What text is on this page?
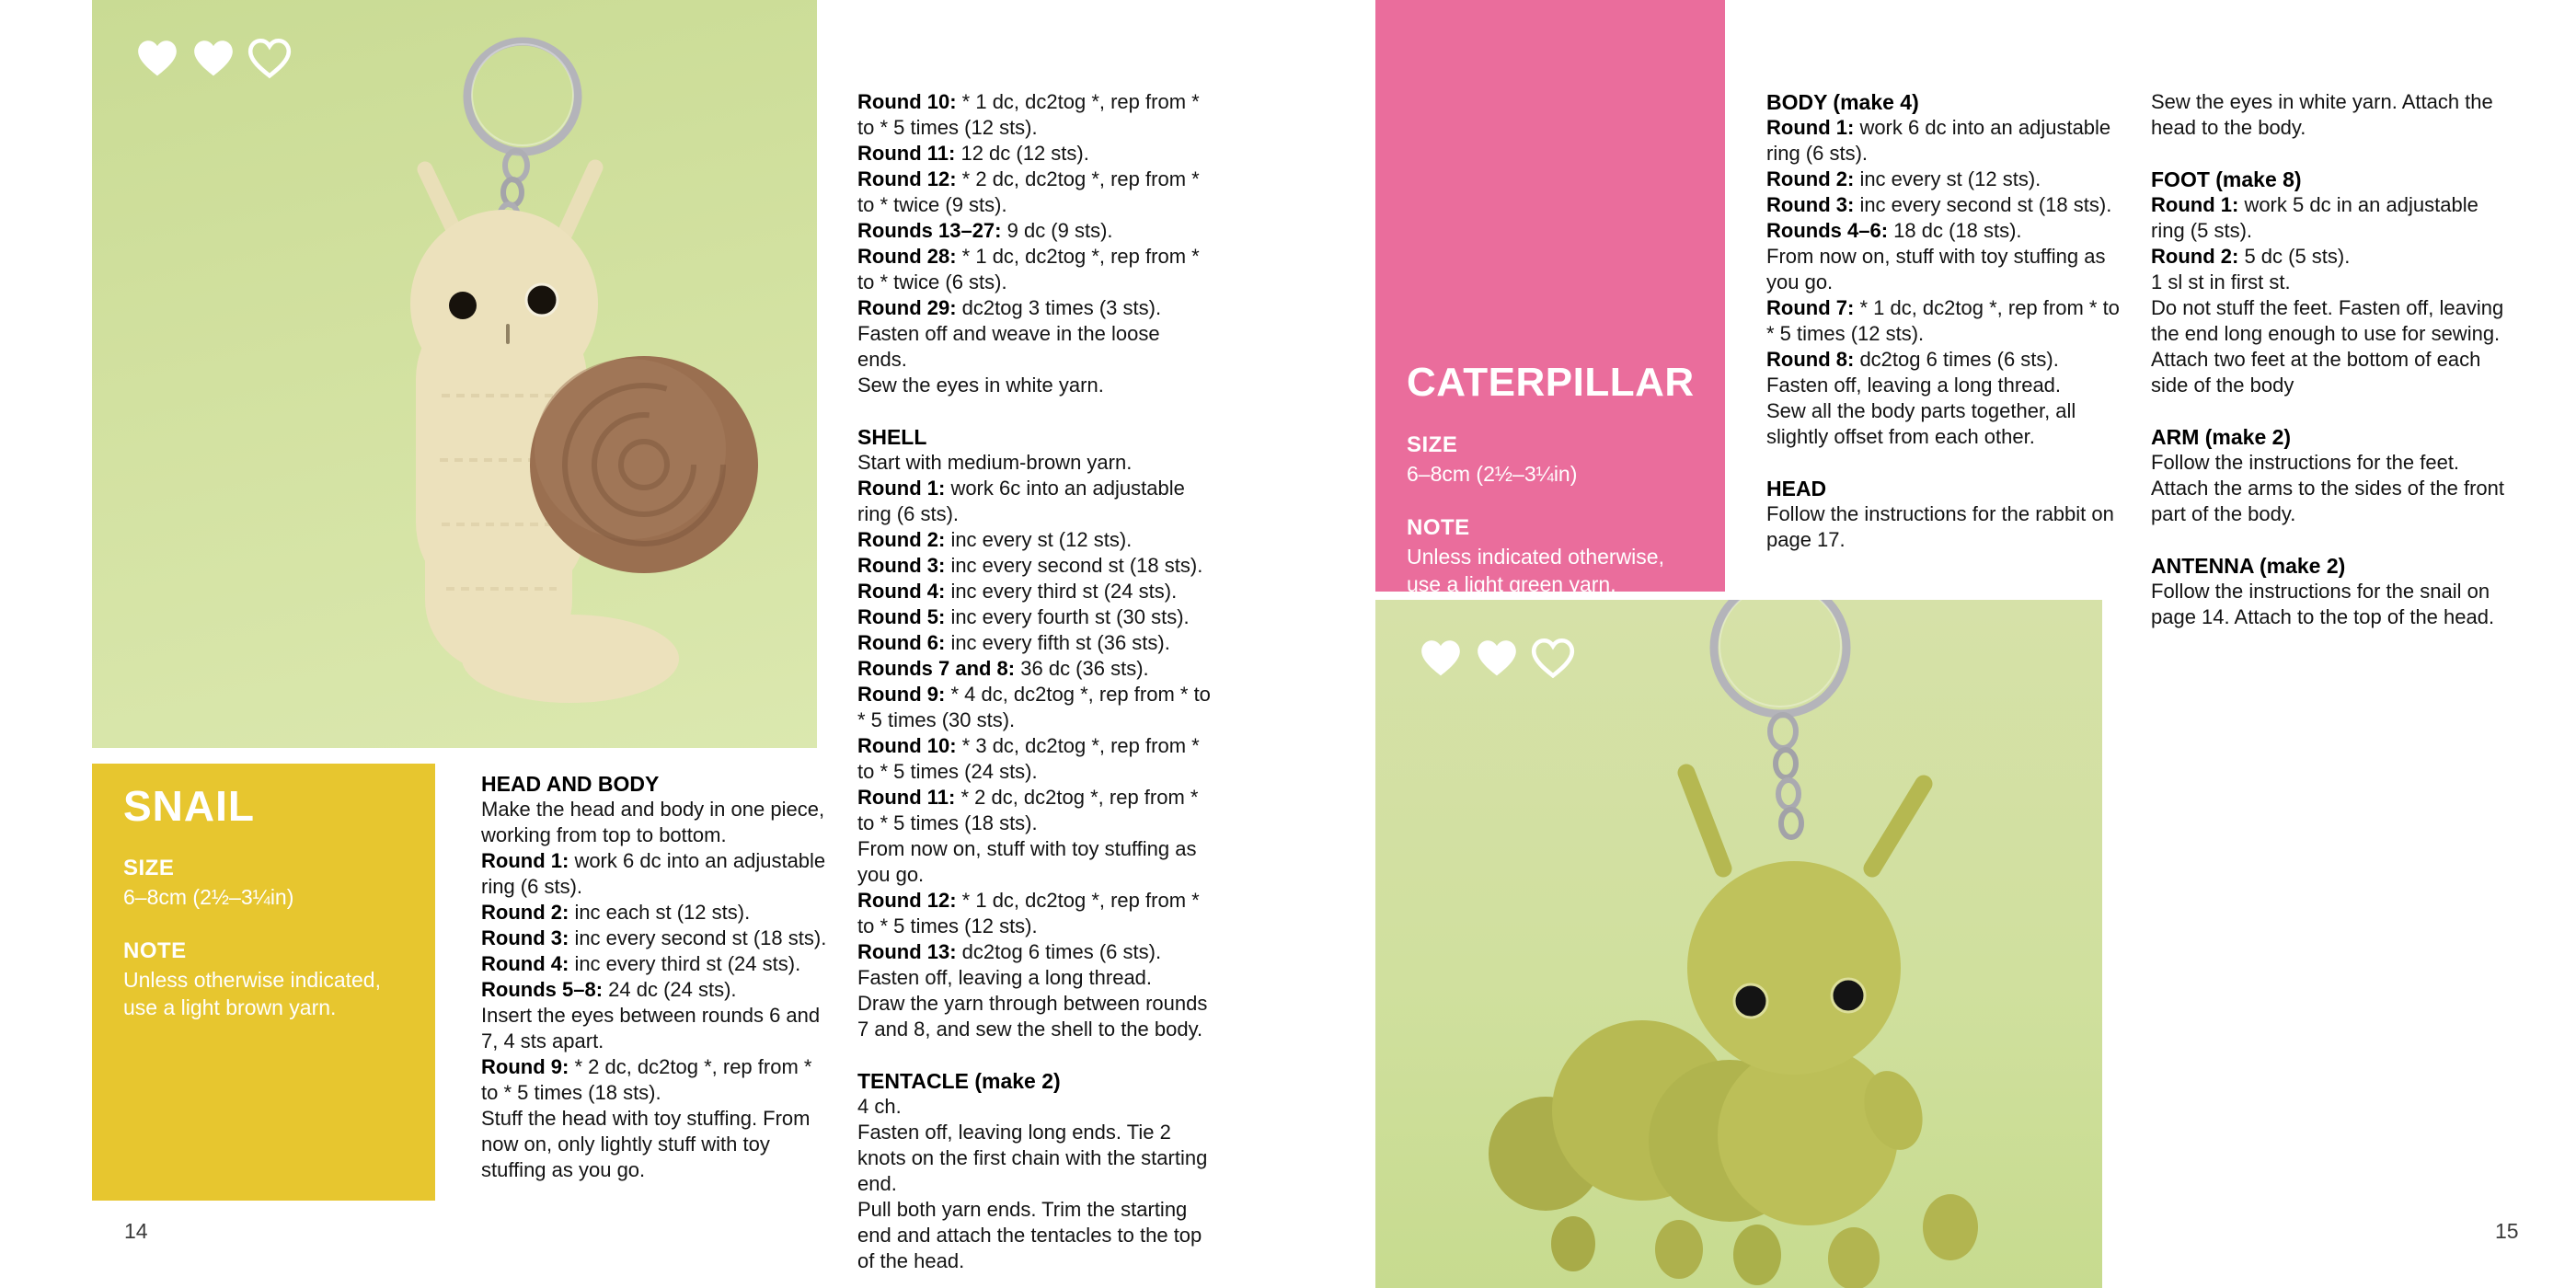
SNAIL
SIZE
6–8cm (2½–3¼in)
NOTE
Unless otherwise indicated, use a light brown yarn.
HEAD AND BODY

Make the head and body in one piece, working from top to bottom.

Round 1: work 6 dc into an adjustable ring (6 sts).

Round 2: inc each st (12 sts).

Round 3: inc every second st (18 sts).

Round 4: inc every third st (24 sts).

Rounds 5–8: 24 dc (24 sts).

Insert the eyes between rounds 6 and 7, 4 sts apart.

Round 9: * 2 dc, dc2tog *, rep from * to * 5 times (18 sts).

Stuff the head with toy stuffing. From now on, only lightly stuff with toy stuffing as you go.

Round 10: * 1 dc, dc2tog *, rep from * to * 5 times (12 sts).

Round 11: 12 dc (12 sts).

Round 12: * 2 dc, dc2tog *, rep from * to * twice (9 sts).

Rounds 13–27: 9 dc (9 sts).

Round 28: * 1 dc, dc2tog *, rep from * to * twice (6 sts).

Round 29: dc2tog 3 times (3 sts).

Fasten off and weave in the loose ends.

Sew the eyes in white yarn.

SHELL

Start with medium-brown yarn.

Round 1: work 6c into an adjustable ring (6 sts).

Round 2: inc every st (12 sts).

Round 3: inc every second st (18 sts).

Round 4: inc every third st (24 sts).

Round 5: inc every fourth st (30 sts).

Round 6: inc every fifth st (36 sts).

Rounds 7 and 8: 36 dc (36 sts).

Round 9: * 4 dc, dc2tog *, rep from * to * 5 times (30 sts).

Round 10: * 3 dc, dc2tog *, rep from * to * 5 times (24 sts).

Round 11: * 2 dc, dc2tog *, rep from * to * 5 times (18 sts).

From now on, stuff with toy stuffing as you go.

Round 12: * 1 dc, dc2tog *, rep from * to * 5 times (12 sts).

Round 13: dc2tog 6 times (6 sts).

Fasten off, leaving a long thread.

Draw the yarn through between rounds 7 and 8, and sew the shell to the body.

TENTACLE (make 2)

4 ch.

Fasten off, leaving long ends. Tie 2 knots on the first chain with the starting end.

Pull both yarn ends. Trim the starting end and attach the tentacles to the top of the head.

14
CATERPILLAR
SIZE
6–8cm (2½–3¼in)
NOTE
Unless indicated otherwise, use a light green yarn.
BODY (make 4)

Round 1: work 6 dc into an adjustable ring (6 sts).

Round 2: inc every st (12 sts).

Round 3: inc every second st (18 sts).

Rounds 4–6: 18 dc (18 sts).

From now on, stuff with toy stuffing as you go.

Round 7: * 1 dc, dc2tog *, rep from * to * 5 times (12 sts).

Round 8: dc2tog 6 times (6 sts).

Fasten off, leaving a long thread.

Sew all the body parts together, all slightly offset from each other.

HEAD

Follow the instructions for the rabbit on page 17.

Sew the eyes in white yarn. Attach the head to the body.

FOOT (make 8)

Round 1: work 5 dc in an adjustable ring (5 sts).

Round 2: 5 dc (5 sts).

1 sl st in first st.

Do not stuff the feet. Fasten off, leaving the end long enough to use for sewing. Attach two feet at the bottom of each side of the body

ARM (make 2)

Follow the instructions for the feet. Attach the arms to the sides of the front part of the body.

ANTENNA (make 2)

Follow the instructions for the snail on page 14. Attach to the top of the head.

15
